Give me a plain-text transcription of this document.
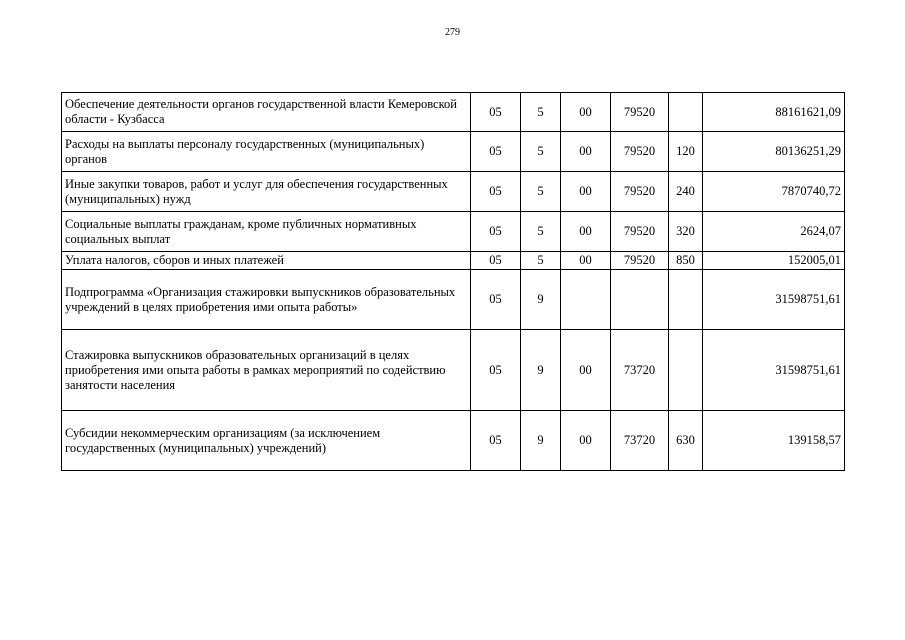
279
Обеспечение деятельности органов государственной власти Кемеровской области - Кузбасса	05	5	00	79520		88161621,09
Расходы на выплаты персоналу государственных (муниципальных) органов	05	5	00	79520	120	80136251,29
Иные закупки товаров, работ и услуг для обеспечения государственных (муниципальных) нужд	05	5	00	79520	240	7870740,72
Социальные выплаты гражданам, кроме публичных нормативных социальных выплат	05	5	00	79520	320	2624,07
Уплата налогов, сборов и иных платежей	05	5	00	79520	850	152005,01
Подпрограмма «Организация стажировки выпускников образовательных учреждений в целях приобретения ими опыта работы»	05	9				31598751,61
Стажировка выпускников образовательных организаций в целях приобретения ими опыта работы в рамках мероприятий по содействию занятости населения	05	9	00	73720		31598751,61
Субсидии некоммерческим организациям (за исключением государственных (муниципальных) учреждений)	05	9	00	73720	630	139158,57
